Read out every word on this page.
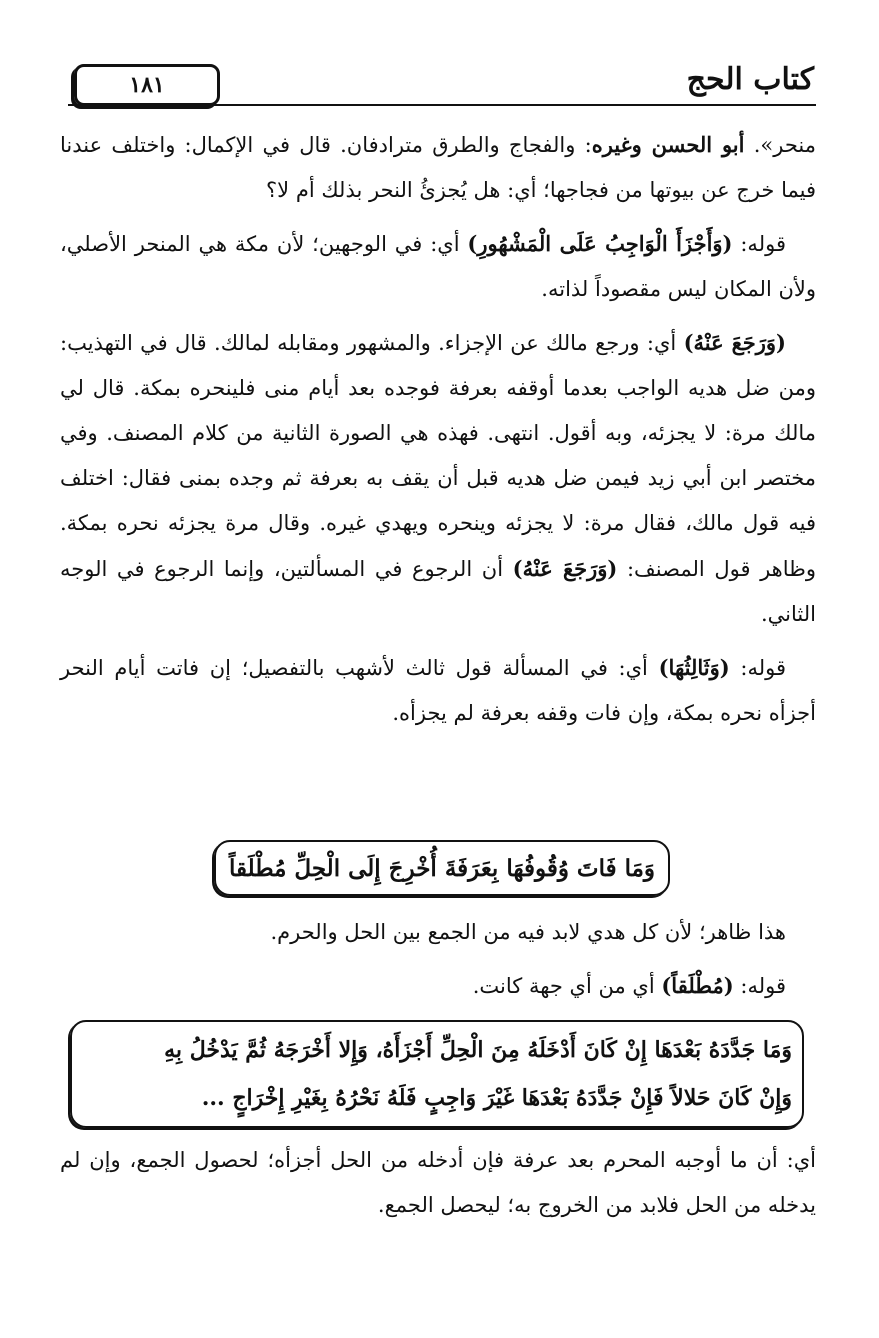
١٨١	كتاب الحج

منحر». أبو الحسن وغيره: والفجاج والطرق مترادفان. قال في الإكمال: واختلف عندنا فيما خرج عن بيوتها من فجاجها؛ أي: هل يُجزئُ النحر بذلك أم لا؟

قوله: (وَأَجْزَأَ الْوَاجِبُ عَلَى الْمَشْهُورِ) أي: في الوجهين؛ لأن مكة هي المنحر الأصلي، ولأن المكان ليس مقصوداً لذاته.

(وَرَجَعَ عَنْهُ) أي: ورجع مالك عن الإجزاء. والمشهور ومقابله لمالك. قال في التهذيب: ومن ضل هديه الواجب بعدما أوقفه بعرفة فوجده بعد أيام منى فلينحره بمكة. قال لي مالك مرة: لا يجزئه، وبه أقول. انتهى. فهذه هي الصورة الثانية من كلام المصنف. وفي مختصر ابن أبي زيد فيمن ضل هديه قبل أن يقف به بعرفة ثم وجده بمنى فقال: اختلف فيه قول مالك، فقال مرة: لا يجزئه وينحره ويهدي غيره. وقال مرة يجزئه نحره بمكة. وظاهر قول المصنف: (وَرَجَعَ عَنْهُ) أن الرجوع في المسألتين، وإنما الرجوع في الوجه الثاني.

قوله: (وَثَالِثُهَا) أي: في المسألة قول ثالث لأشهب بالتفصيل؛ إن فاتت أيام النحر أجزأه نحره بمكة، وإن فات وقفه بعرفة لم يجزأه.

وَمَا فَاتَ وُقُوفُهَا بِعَرَفَةَ أُخْرِجَ إِلَى الْحِلِّ مُطْلَقاً

هذا ظاهر؛ لأن كل هدي لابد فيه من الجمع بين الحل والحرم.

قوله: (مُطْلَقاً) أي من أي جهة كانت.

وَمَا جَدَّدَهُ بَعْدَهَا إِنْ كَانَ أَدْخَلَهُ مِنَ الْحِلِّ أَجْزَأَهُ، وَإِلا أَخْرَجَهُ ثُمَّ يَدْخُلُ بِهِ

وَإِنْ كَانَ حَلالاً فَإِنْ جَدَّدَهُ بَعْدَهَا غَيْرَ وَاجِبٍ فَلَهُ نَحْرُهُ بِغَيْرِ إِخْرَاجٍ ...

أي: أن ما أوجبه المحرم بعد عرفة فإن أدخله من الحل أجزأه؛ لحصول الجمع، وإن لم يدخله من الحل فلابد من الخروج به؛ ليحصل الجمع.
